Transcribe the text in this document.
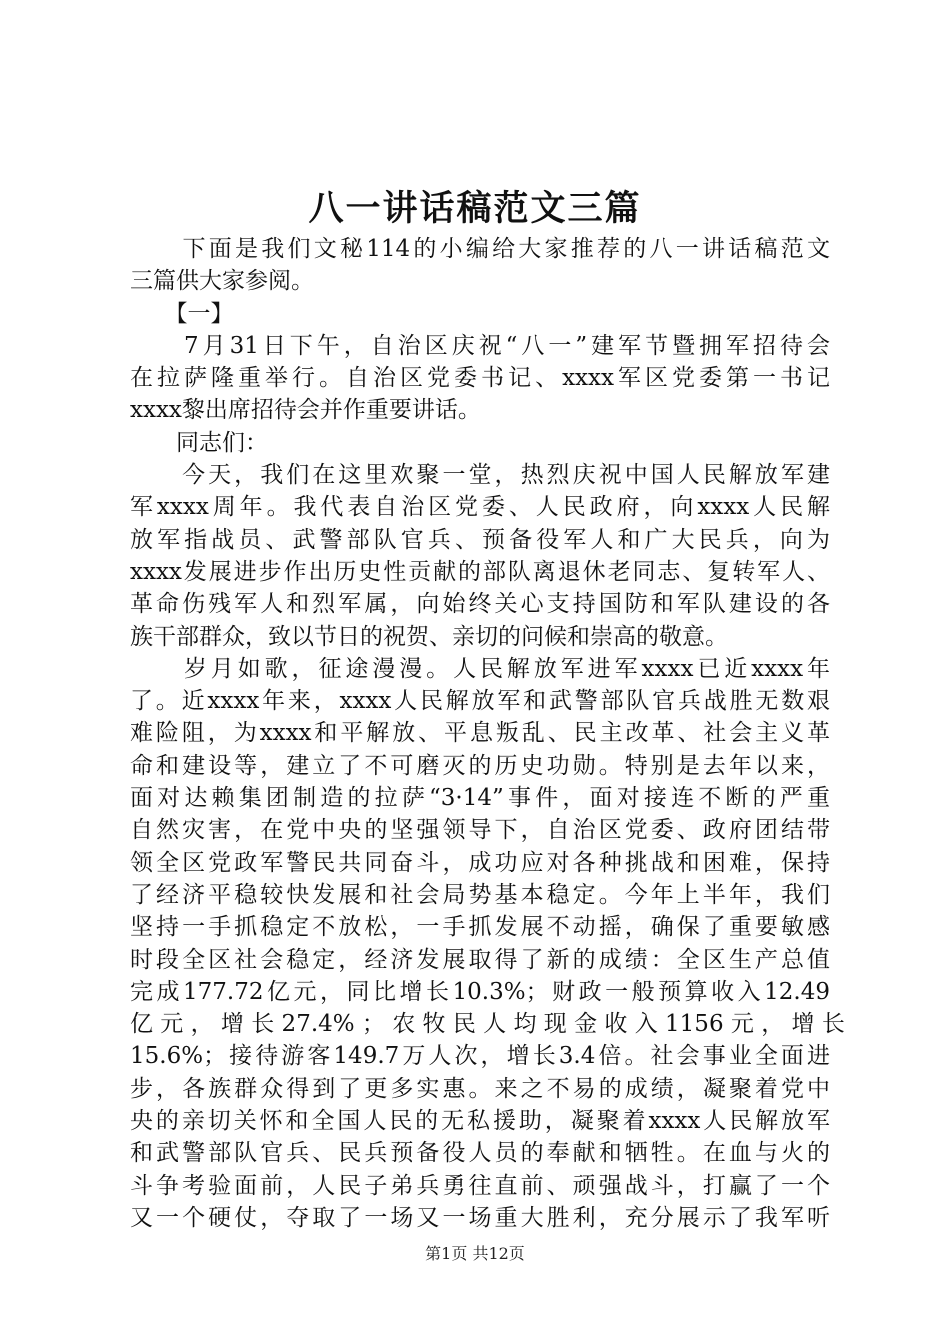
八一讲话稿范文三篇
　　下面是我们文秘114的小编给大家推荐的八一讲话稿范文
三篇供大家参阅。
　　【一】
　　7月31日下午，自治区庆祝“八一”建军节暨拥军招待会
在拉萨隆重举行。自治区党委书记、xxxx军区党委第一书记
xxxx黎出席招待会并作重要讲话。
　　同志们：
　　今天，我们在这里欢聚一堂，热烈庆祝中国人民解放军建
军xxxx周年。我代表自治区党委、人民政府，向xxxx人民解
放军指战员、武警部队官兵、预备役军人和广大民兵，向为
xxxx发展进步作出历史性贡献的部队离退休老同志、复转军人、
革命伤残军人和烈军属，向始终关心支持国防和军队建设的各
族干部群众，致以节日的祝贺、亲切的问候和崇高的敬意。
　　岁月如歌，征途漫漫。人民解放军进军xxxx已近xxxx年
了。近xxxx年来，xxxx人民解放军和武警部队官兵战胜无数艰
难险阻，为xxxx和平解放、平息叛乱、民主改革、社会主义革
命和建设等，建立了不可磨灭的历史功勋。特别是去年以来，
面对达赖集团制造的拉萨“3·14”事件，面对接连不断的严重
自然灾害，在党中央的坚强领导下，自治区党委、政府团结带
领全区党政军警民共同奋斗，成功应对各种挑战和困难，保持
了经济平稳较快发展和社会局势基本稳定。今年上半年，我们
坚持一手抓稳定不放松，一手抓发展不动摇，确保了重要敏感
时段全区社会稳定，经济发展取得了新的成绩：全区生产总值
完成177.72亿元，同比增长10.3%；财政一般预算收入12.49
亿 元 ， 增 长 27.4% ； 农 牧 民 人 均 现 金 收 入 1156 元 ， 增 长
15.6%；接待游客149.7万人次，增长3.4倍。社会事业全面进
步，各族群众得到了更多实惠。来之不易的成绩，凝聚着党中
央的亲切关怀和全国人民的无私援助，凝聚着xxxx人民解放军
和武警部队官兵、民兵预备役人员的奉献和牺牲。在血与火的
斗争考验面前，人民子弟兵勇往直前、顽强战斗，打赢了一个
又一个硬仗，夺取了一场又一场重大胜利，充分展示了我军听
第1页 共12页
